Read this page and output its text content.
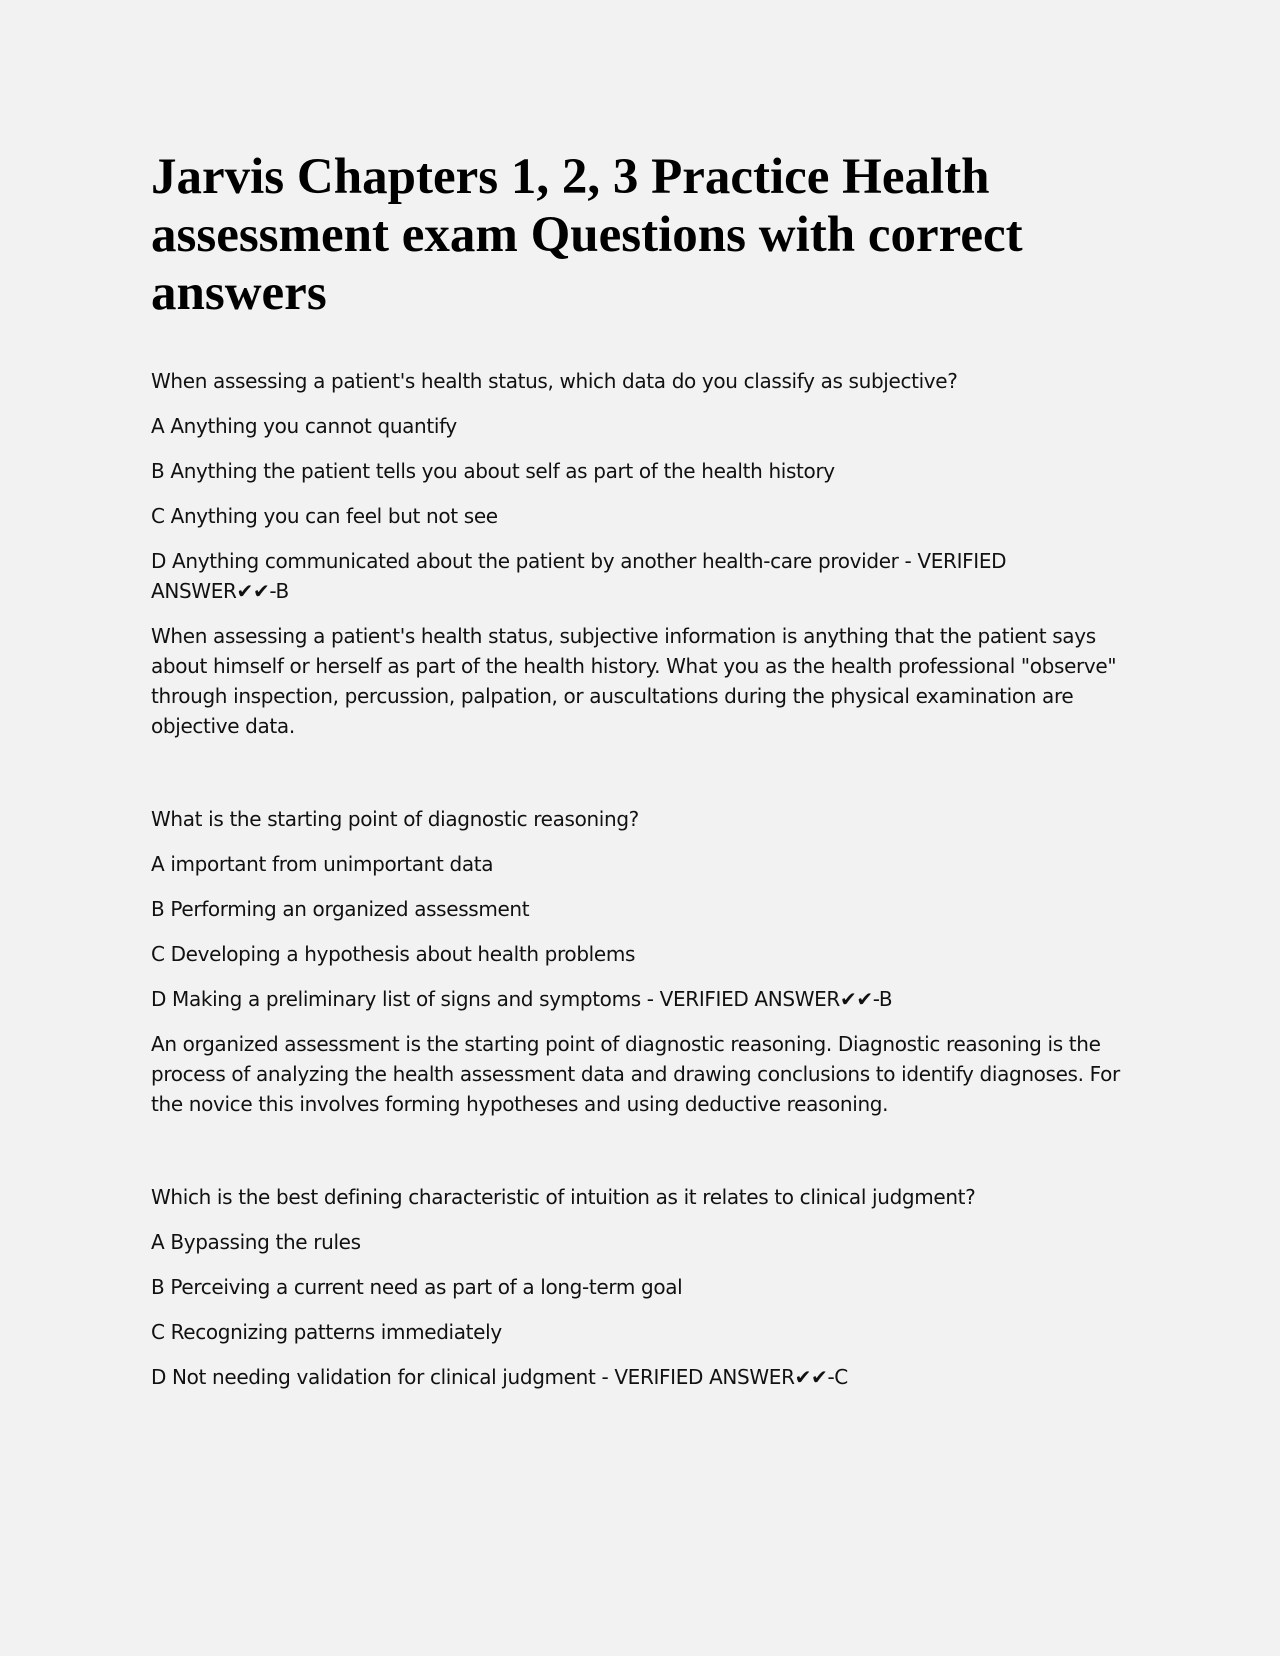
Jarvis Chapters 1, 2, 3 Practice Health assessment exam Questions with correct answers

When assessing a patient's health status, which data do you classify as subjective?

A Anything you cannot quantify

B Anything the patient tells you about self as part of the health history

C Anything you can feel but not see

D Anything communicated about the patient by another health-care provider - VERIFIED ANSWER✔✔-B

When assessing a patient's health status, subjective information is anything that the patient says about himself or herself as part of the health history. What you as the health professional "observe" through inspection, percussion, palpation, or auscultations during the physical examination are objective data.

What is the starting point of diagnostic reasoning?

A important from unimportant data

B Performing an organized assessment

C Developing a hypothesis about health problems

D Making a preliminary list of signs and symptoms - VERIFIED ANSWER✔✔-B

An organized assessment is the starting point of diagnostic reasoning. Diagnostic reasoning is the process of analyzing the health assessment data and drawing conclusions to identify diagnoses. For the novice this involves forming hypotheses and using deductive reasoning.

Which is the best defining characteristic of intuition as it relates to clinical judgment?

A Bypassing the rules

B Perceiving a current need as part of a long-term goal

C Recognizing patterns immediately

D Not needing validation for clinical judgment - VERIFIED ANSWER✔✔-C
